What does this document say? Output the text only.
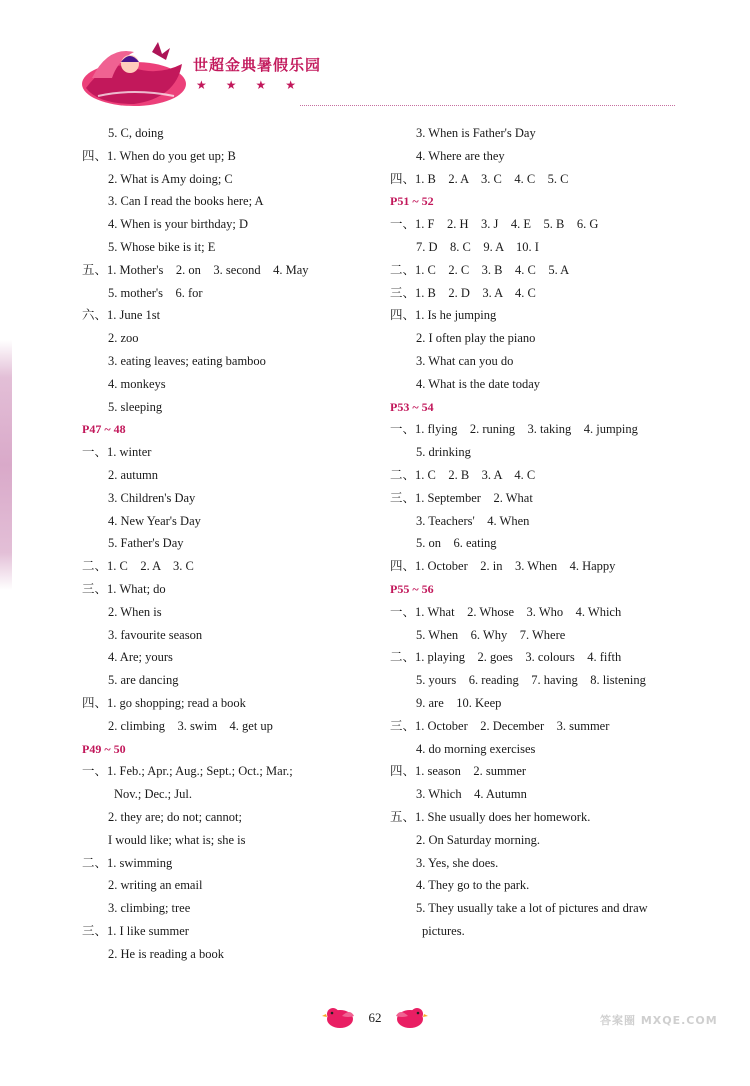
世超金典暑假乐园
★ ★ ★ ★
5. C, doing
四、1. When do you get up; B
2. What is Amy doing; C
3. Can I read the books here; A
4. When is your birthday; D
5. Whose bike is it; E
五、1. Mother's    2. on    3. second    4. May
5. mother's    6. for
六、1. June 1st
2. zoo
3. eating leaves; eating bamboo
4. monkeys
5. sleeping
P47 ~ 48
一、1. winter
2. autumn
3. Children's Day
4. New Year's Day
5. Father's Day
二、1. C    2. A    3. C
三、1. What; do
2. When is
3. favourite season
4. Are; yours
5. are dancing
四、1. go shopping; read a book
2. climbing    3. swim    4. get up
P49 ~ 50
一、1. Feb.; Apr.; Aug.; Sept.; Oct.; Mar.;
Nov.; Dec.; Jul.
2. they are; do not; cannot;
I would like; what is; she is
二、1. swimming
2. writing an email
3. climbing; tree
三、1. I like summer
2. He is reading a book
3. When is Father's Day
4. Where are they
四、1. B    2. A    3. C    4. C    5. C
P51 ~ 52
一、1. F    2. H    3. J    4. E    5. B    6. G
7. D    8. C    9. A    10. I
二、1. C    2. C    3. B    4. C    5. A
三、1. B    2. D    3. A    4. C
四、1. Is he jumping
2. I often play the piano
3. What can you do
4. What is the date today
P53 ~ 54
一、1. flying    2. runing    3. taking    4. jumping
5. drinking
二、1. C    2. B    3. A    4. C
三、1. September    2. What
3. Teachers'    4. When
5. on    6. eating
四、1. October    2. in    3. When    4. Happy
P55 ~ 56
一、1. What    2. Whose    3. Who    4. Which
5. When    6. Why    7. Where
二、1. playing    2. goes    3. colours    4. fifth
5. yours    6. reading    7. having    8. listening
9. are    10. Keep
三、1. October    2. December    3. summer
4. do morning exercises
四、1. season    2. summer
3. Which    4. Autumn
五、1. She usually does her homework.
2. On Saturday morning.
3. Yes, she does.
4. They go to the park.
5. They usually take a lot of pictures and draw
pictures.
62	答案圈 MXQE.COM
